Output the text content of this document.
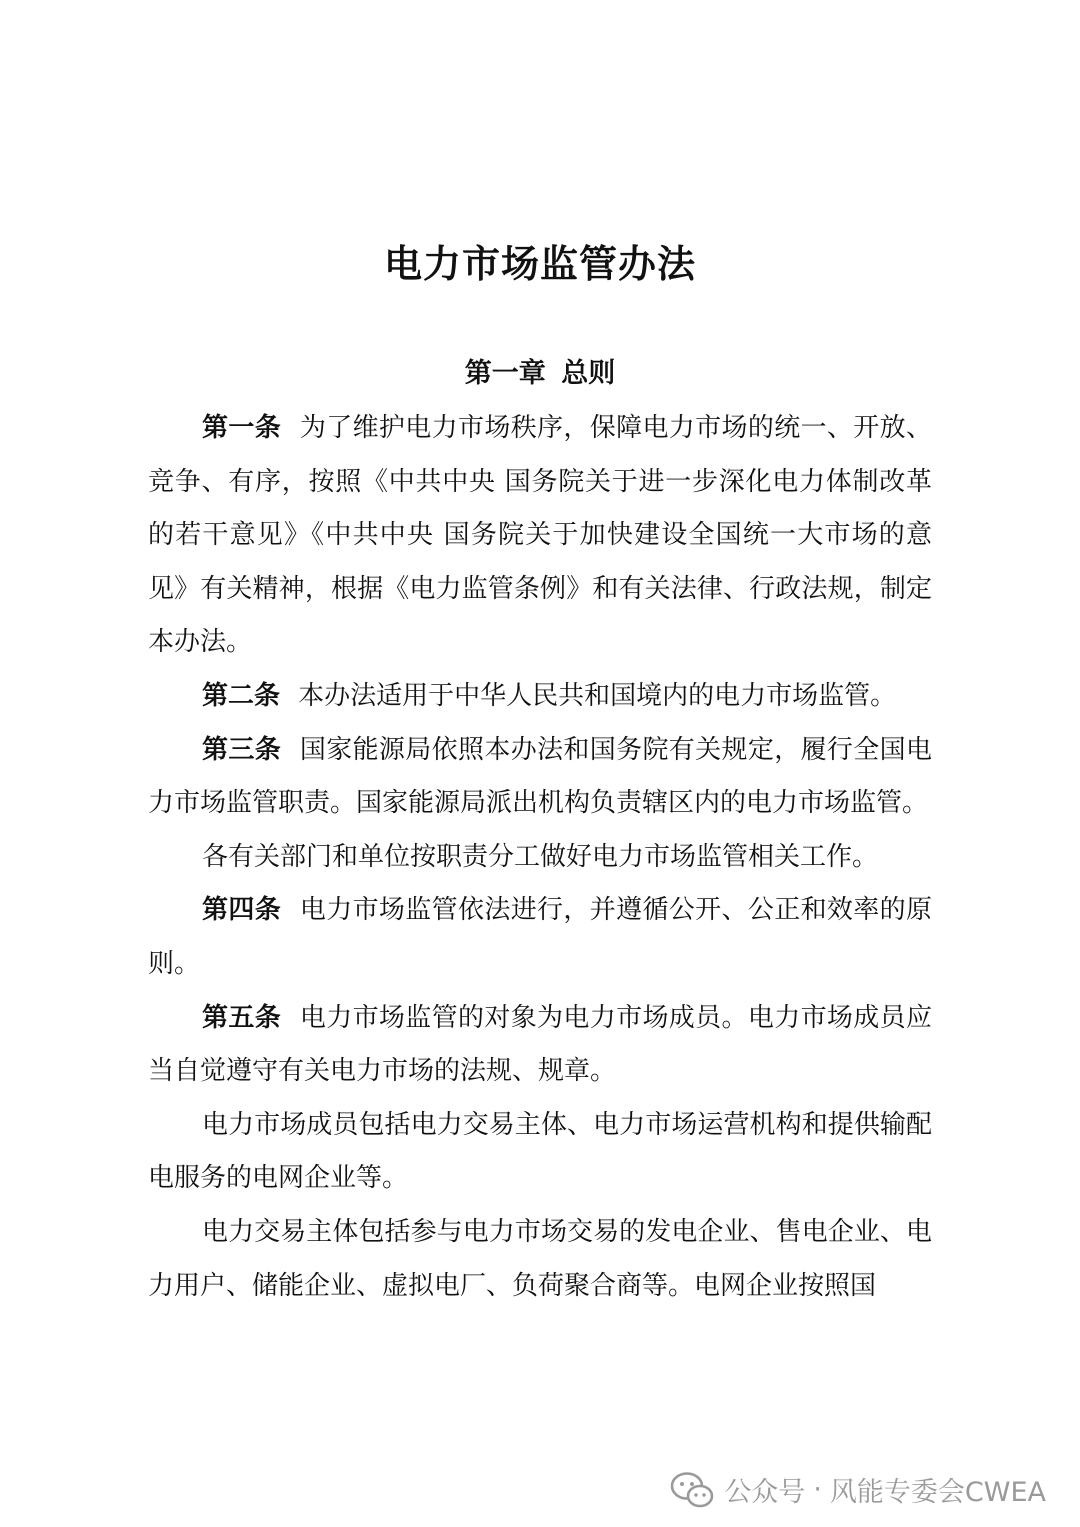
电力市场监管办法
第一章 总则

第一条 为了维护电力市场秩序，保障电力市场的统一、开放、竞争、有序，按照《中共中央 国务院关于进一步深化电力体制改革的若干意见》《中共中央 国务院关于加快建设全国统一大市场的意见》有关精神，根据《电力监管条例》和有关法律、行政法规，制定本办法。

第二条 本办法适用于中华人民共和国境内的电力市场监管。

第三条 国家能源局依照本办法和国务院有关规定，履行全国电力市场监管职责。国家能源局派出机构负责辖区内的电力市场监管。

各有关部门和单位按职责分工做好电力市场监管相关工作。

第四条 电力市场监管依法进行，并遵循公开、公正和效率的原则。

第五条 电力市场监管的对象为电力市场成员。电力市场成员应当自觉遵守有关电力市场的法规、规章。

电力市场成员包括电力交易主体、电力市场运营机构和提供输配电服务的电网企业等。

电力交易主体包括参与电力市场交易的发电企业、售电企业、电力用户、储能企业、虚拟电厂、负荷聚合商等。电网企业按照国

公众号 · 风能专委会CWEA
